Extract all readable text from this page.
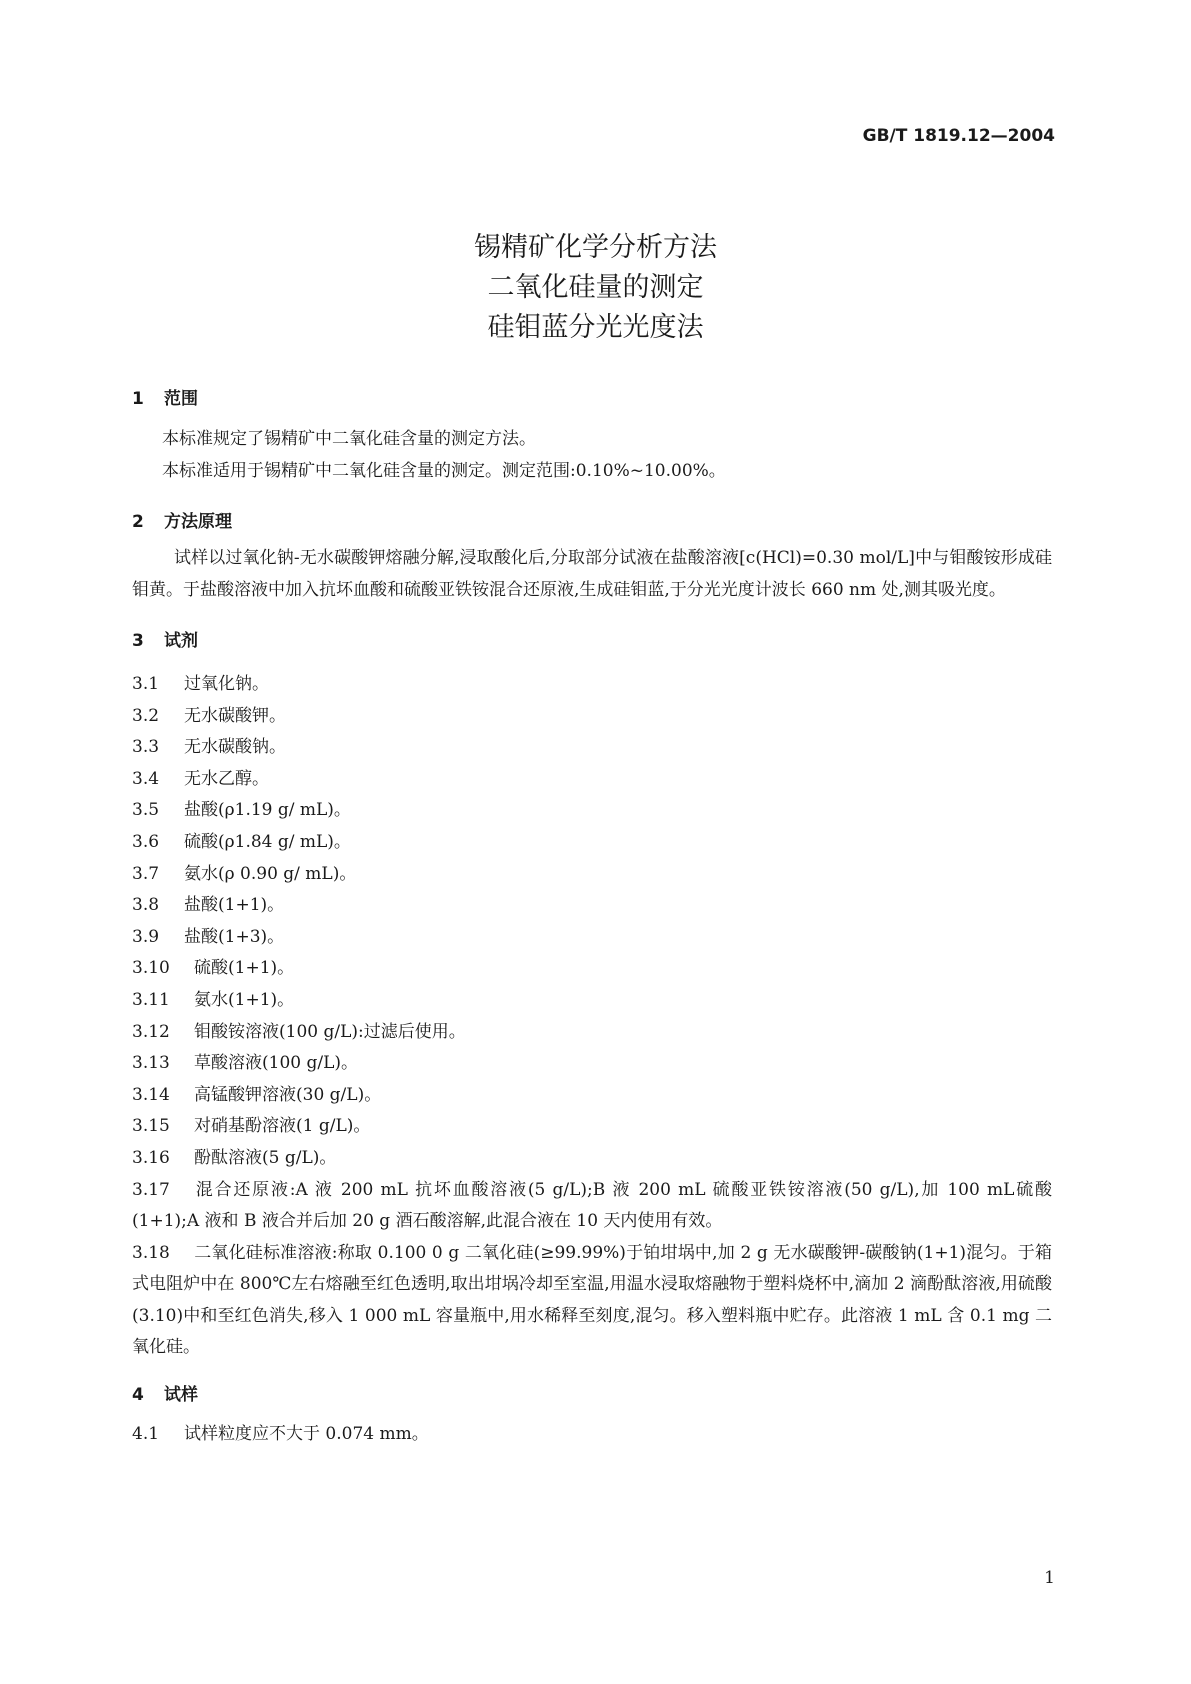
GB/T 1819.12—2004
锡精矿化学分析方法
二氧化硅量的测定
硅钼蓝分光光度法
1 范围

本标准规定了锡精矿中二氧化硅含量的测定方法。

本标准适用于锡精矿中二氧化硅含量的测定。测定范围:0.10%~10.00%。

2 方法原理

试样以过氧化钠-无水碳酸钾熔融分解,浸取酸化后,分取部分试液在盐酸溶液[c(HCl)=0.30 mol/L]中与钼酸铵形成硅钼黄。于盐酸溶液中加入抗坏血酸和硫酸亚铁铵混合还原液,生成硅钼蓝,于分光光度计波长 660 nm 处,测其吸光度。

3 试剂
3.1 过氧化钠。
3.2 无水碳酸钾。
3.3 无水碳酸钠。
3.4 无水乙醇。
3.5 盐酸(ρ1.19 g/ mL)。
3.6 硫酸(ρ1.84 g/ mL)。
3.7 氨水(ρ 0.90 g/ mL)。
3.8 盐酸(1+1)。
3.9 盐酸(1+3)。
3.10 硫酸(1+1)。
3.11 氨水(1+1)。
3.12 钼酸铵溶液(100 g/L):过滤后使用。
3.13 草酸溶液(100 g/L)。
3.14 高锰酸钾溶液(30 g/L)。
3.15 对硝基酚溶液(1 g/L)。
3.16 酚酞溶液(5 g/L)。
3.17 混合还原液:A 液 200 mL 抗坏血酸溶液(5 g/L);B 液 200 mL 硫酸亚铁铵溶液(50 g/L),加 100 mL硫酸(1+1);A 液和 B 液合并后加 20 g 酒石酸溶解,此混合液在 10 天内使用有效。
3.18 二氧化硅标准溶液:称取 0.100 0 g 二氧化硅(≥99.99%)于铂坩埚中,加 2 g 无水碳酸钾-碳酸钠(1+1)混匀。于箱式电阻炉中在 800℃左右熔融至红色透明,取出坩埚冷却至室温,用温水浸取熔融物于塑料烧杯中,滴加 2 滴酚酞溶液,用硫酸(3.10)中和至红色消失,移入 1 000 mL 容量瓶中,用水稀释至刻度,混匀。移入塑料瓶中贮存。此溶液 1 mL 含 0.1 mg 二氧化硅。
4 试样
4.1 试样粒度应不大于 0.074 mm。
1
